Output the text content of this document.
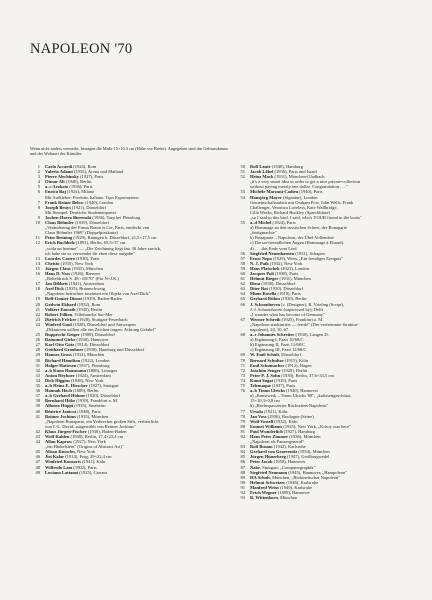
NAPOLEON '70

Wenn nicht anders vermerkt, betragen die Maße 15×10,3 cm (Höhe vor Breite). Angegeben sind das Geburtsdatum und der Wohnort der Künstler.

1	Carla Accardi (1924), Rom
2	Valerio Adami (1935), Arona und Mailand
3	Pierre Alechinsky (1927), Paris
4	Otmar Alt (1940), Berlin
5	a–c Arokoto (1936), Paris
6	Enrico Baj (1924), Milano
Mit Aufkleber: Prodotto Italiano. Tipo Esportazione.
7	Frank Reiner Below (1940), London
8	Joseph Beuys (1921), Düsseldorf
Mit Stempel: Deutsche Studentenpartei
9	Jochen-Harro Bierenski (1936), Tarp bei Flensburg
10	Claus Böhmler (1939), Düsseldorf
„Veränderung der Firma Braun et Cie, Paris, entdeckt von
Claus Böhmler 1969" (Doppelpostkarte)
11	Peter Brüning (1929), Ratingen b. Düsseldorf, 21,5×17,5 cm
12	Erich Buchholz (1891), Berlin, 65,5×37 cm.
„voila un homme" — „Die Zeichnung liegt fast 30 Jahre zurück,
ich habe sie so verwendet für eben diese aufgabe"
13	Lourdes Castro (1930), Paris
14	Christo (1935), New York
15	Jürgen Claus (1935), München
16	Hans D. Voss (1926), Bremen
„Reliefdruck S. 48 - 69/70" (Für N+J.K.)
17	Jan Dibbets (1941), Amsterdam
18	Axel Dick (1935), Braunschweig
„Napoleon betrachtet fasziniert ein Objekt von Axel Dick"
19	Rolf-Gunter Dienst (1939), Baden-Baden
20	Godwin Ekhard (1932), Rom
21	Volkert Emrath (1945), Berlin
22	Robert Fillion, Villefranche Sur-Mer
23	Dietrich Fricker (1928), Stuttgart-Feuerbach
24	Winfred Gaul (1928), Düsseldorf und Antwerpen
„Diktatoren sollten alle ein Zeichen tragen: Achtung Gefahr!"
25	Rupprecht Geiger (1908), Düsseldorf
26	Raimund Girke (1930), Hannover
27	Karl Otto Götz (1914), Düsseldorf
28	Gotthard Graubner (1930), Hamburg und Düsseldorf
29	Hannes Gross (1932), München
30	Richard Hamilton (1922), London
31	Holger Hattesen (1937), Flensburg
32	a–b Kuno Hausmann (1886), Limoges
33	Anton Heyboer (1924), Amsterdam
34	Dick Higgins (1938), New York
35	a–b Heinz E. Hirscher (1927), Stuttgart
36	Hannah Höch (1889), Berlin
37	a–b Gerhard Höhme (1920), Düsseldorf
38	Bernhard Höke (1939), Frankfurt a. M.
39	Alfonso Hüppi (1935), Sinzheim
40	Béatrice Janicot (1948), Paris
41	Reimer Jochims (1935), München
„Napoleon Bonaparte, ein Verbrecher großen Stils, verherrlicht
von J.-L. David, ausgewählt von Reimer Jochims"
42	Klaus Jürgen-Fischer (1930), Baden-Baden
43	Wolf Kahlen (1940), Berlin, 17,4×23,4 cm
44	Allan Kaprow (1927), New York
„ein Hinkelstein" (Origins of Abstract Art)"
45	Alison Knowles, New York
46	Jiri Kolar (1914), Prag, 29×22,4 cm
47	Winfried Konsorts (1941), Köln
48	Wilfredo Lam (1902), Paris
49	Luciano Lattanzi (1925), Carrara
50	Rolf Laute (1940), Hamburg
51	Jacob Lőbel (1936), Paris und Israel
52	Heinz Mack (1931), Mönchen-Gladbach
„it's a very smart idea in order to get a nice private-collection
without paying merely one dollar. Congratulation . . ."
53	Michèle Marzani-Cadieu (1940), Paris
54	Hansjörg Mayer (Signatur), London
Gemeinschaftsarbeit mit Graham Pow, John Wells, Frank
Challenger, Veronica Loveless, Kate Wallbridge,
Cilla Weeks, Richard Buckley (Sprechblase)
„so I said to this bird, I said, who's YOUR friend in the boots"
55	a–d Michel (1924), Paris
a) Hommage an den russischen Scheer, der Bonaparte
„fertigmachte"
b) Bonaparte – Napoleon, der Übel-Vollendete
c) Die un-freundlichen Augen (Hommage à Eluard).
d) . . . das Ende vom Lied.
56	Siegfried Neuenhausen (1931), Schapen
57	Ernst Nepo (1929), Wien, „Ein freudiges Ereignis"
58	N. J. Paik (1932), New York
59	Hans Platschek (1923), London
60	Jacques Poli (1938), Paris
61	Helmut Rieger (1931), München
62	Rissa (1938), Düsseldorf
63	Diter Rot (1930), Düsseldorf
64	Mimo Rotella (1918), Paris
65	Gerhard Rühm (1930), Berlin
66	J. Schoonhoven [c. (Designer), R. Vrieling (Script),
J. J. Schoonhoven (supervised by), Delft
„I wonder what has become of Germany"
67	Werner Schreib (1925), Frankfurt a. M.
„Napoleon strukturiert — fertilé" (Der verfremmte Struktur-
napoleon), 24, 10. 67
68	a–r Johannes Schreiter (1930), Langen D.
a) Ergänzung I, Fazit 10/68/C
b) Ergänzung II, Fazit 11/68/C
c) Ergänzung III, Fazit 12/68/C
69	W. Emil Schult, Düsseldorf
70	Bernard Schultze (1915), Köln
71	Emil Schumacher (1912), Hagen
72	Joachim Senger (1929), Berlin
73	Peter P. J. Sohn (1939), Berlin, 37,6×33,5 cm
74	Kumi Sugai (1919), Paris
75	Telemaque (1937), Paris
76	a–b Timm Ulrichs (1940), Hannover
a) „Kunstwerk – Timm Ulrichs '68", „kulissengeschützt,
15×10,3×0,8 cm
b) „Rechtspassierter Rückseiten-Napoleon"
77	Ursula (1921), Köln
78	Jan Voss (1936), Boulogne (Seine)
79	Wolf Vostell (1932), Köln
80	Emmet Williams (1925), New York, „Kilroy was here"
81	Paul Wunderlich (1927), Hamburg
82	Hans Peter Zimmer (1936), München
„Napoleon als Panzergeneral"
83	Rolf Busam (1942), Karlsruhe
84	Gerhard von Graevenitz (1934), München
85	Jürgen Hünerberg (1947), Großburgwedel
86	Peter Jacob (1950), Hannover
87	Nake, Stuttgart, „Computergraphik"
88	Siegfried Neumann (1945), Hannover, „Hampoleon"
89	HA Schult, München, „Biokinetischer Napoleon"
90	Helmut Schweizer (1946), Karlsruhe
91	Manfred Weiss (1949), Karlsruhe
92	Erich Wegner (1899), Hannover
93	R. Wittenborn, München
